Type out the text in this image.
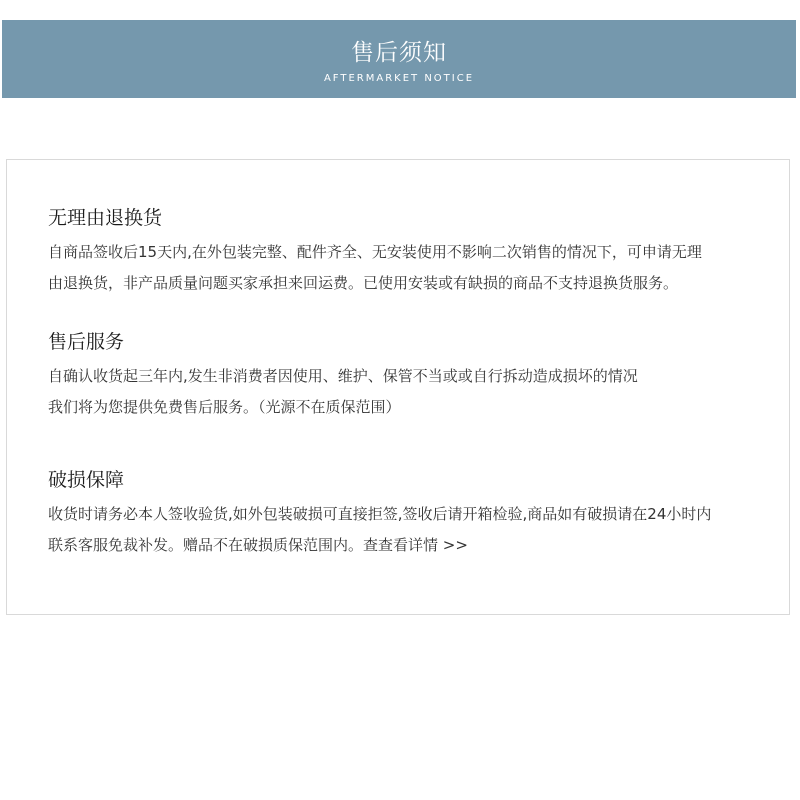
售后须知
AFTERMARKET NOTICE
无理由退换货

自商品签收后15天内,在外包装完整、配件齐全、无安装使用不影响二次销售的情况下，可申请无理

由退换货，非产品质量问题买家承担来回运费。已使用安装或有缺损的商品不支持退换货服务。

售后服务

自确认收货起三年内,发生非消费者因使用、维护、保管不当或或自行拆动造成损坏的情况

我们将为您提供免费售后服务。（光源不在质保范围）

破损保障

收货时请务必本人签收验货,如外包装破损可直接拒签,签收后请开箱检验,商品如有破损请在24小时内

联系客服免裁补发。赠品不在破损质保范围内。查查看详情 >>
